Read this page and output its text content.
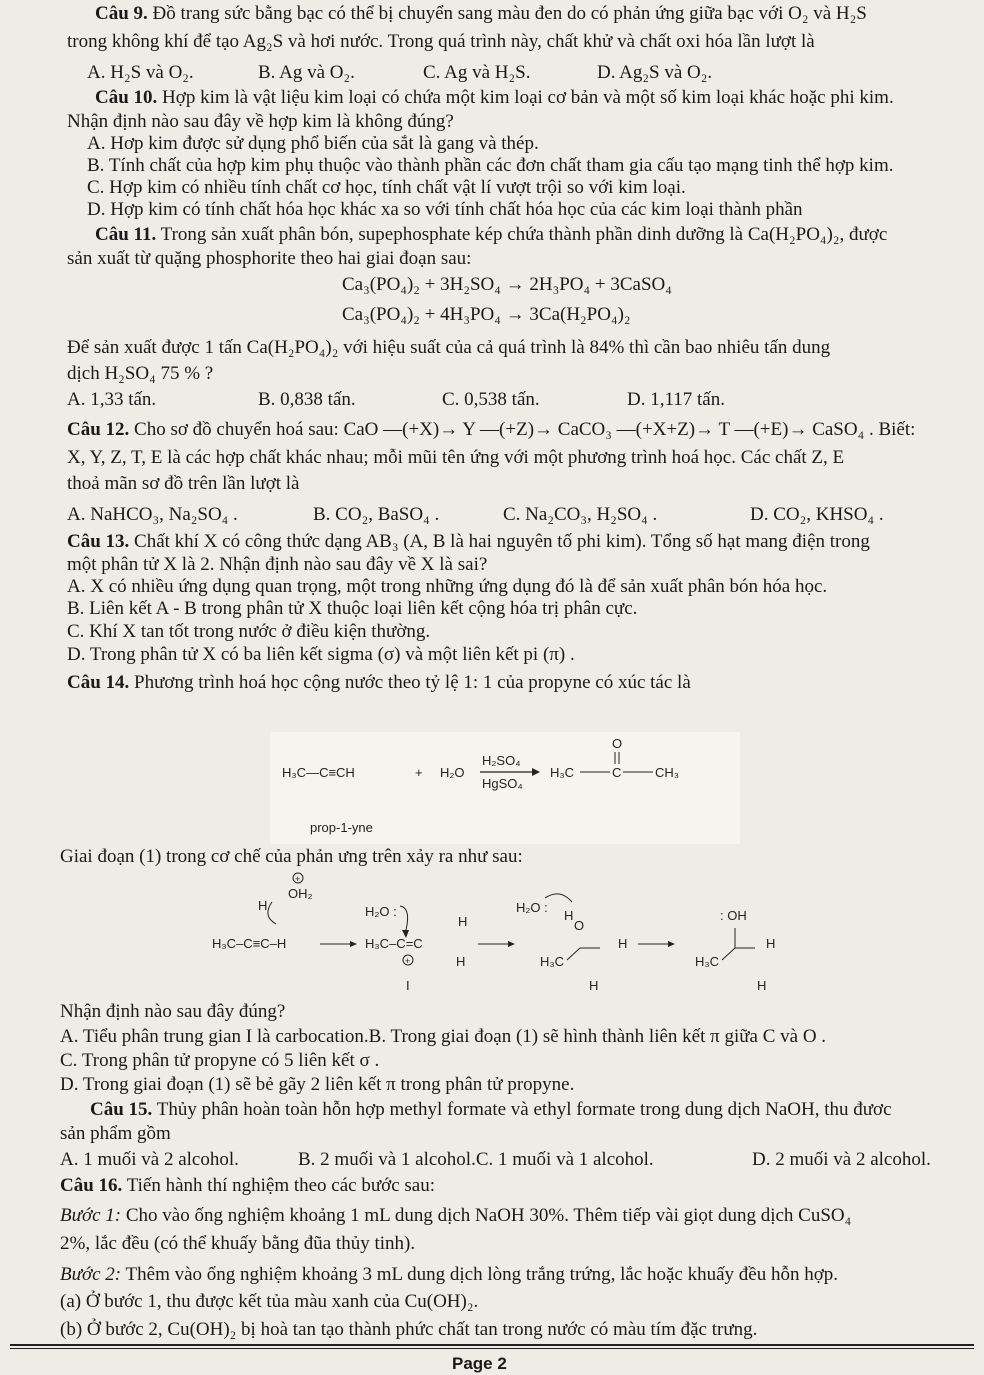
Câu 9. Đồ trang sức bằng bạc có thể bị chuyển sang màu đen do có phản ứng giữa bạc với O₂ và H₂S
trong không khí để tạo Ag₂S và hơi nước. Trong quá trình này, chất khử và chất oxi hóa lần lượt là
A. H₂S và O₂.	B. Ag và O₂.	C. Ag và H₂S.	D. Ag₂S và O₂.
Câu 10. Hợp kim là vật liệu kim loại có chứa một kim loại cơ bản và một số kim loại khác hoặc phi kim.
Nhận định nào sau đây về hợp kim là không đúng?
A. Hơp kim được sử dụng phổ biến của sắt là gang và thép.
B. Tính chất của hợp kim phụ thuộc vào thành phần các đơn chất tham gia cấu tạo mạng tinh thể hợp kim.
C. Hợp kim có nhiều tính chất cơ học, tính chất vật lí vượt trội so với kim loại.
D. Hợp kim có tính chất hóa học khác xa so với tính chất hóa học của các kim loại thành phần
Câu 11. Trong sản xuất phân bón, supephosphate kép chứa thành phần dinh dưỡng là Ca(H₂PO₄)₂, được
sản xuất từ quặng phosphorite theo hai giai đoạn sau:
Ca₃(PO₄)₂ + 3H₂SO₄ → 2H₃PO₄ + 3CaSO₄
Ca₃(PO₄)₂ + 4H₃PO₄ → 3Ca(H₂PO₄)₂
Để sản xuất được 1 tấn Ca(H₂PO₄)₂ với hiệu suất của cả quá trình là 84% thì cần bao nhiêu tấn dung
dịch H₂SO₄ 75 % ?
A. 1,33 tấn.	B. 0,838 tấn.	C. 0,538 tấn.	D. 1,117 tấn.
Câu 12. Cho sơ đồ chuyển hoá sau: CaO —(+X)→ Y —(+Z)→ CaCO₃ —(+X+Z)→ T —(+E)→ CaSO₄ . Biết:
X, Y, Z, T, E là các hợp chất khác nhau; mỗi mũi tên ứng với một phương trình hoá học. Các chất Z, E
thoả mãn sơ đồ trên lần lượt là
A. NaHCO₃, Na₂SO₄ .	B. CO₂, BaSO₄ .	C. Na₂CO₃, H₂SO₄ .	D. CO₂, KHSO₄ .
Câu 13. Chất khí X có công thức dạng AB₃ (A, B là hai nguyên tố phi kim). Tổng số hạt mang điện trong
một phân tử X là 2. Nhận định nào sau đây về X là sai?
A. X có nhiều ứng dụng quan trọng, một trong những ứng dụng đó là để sản xuất phân bón hóa học.
B. Liên kết A - B trong phân tử X thuộc loại liên kết cộng hóa trị phân cực.
C. Khí X tan tốt trong nước ở điều kiện thường.
D. Trong phân tử X có ba liên kết sigma (σ) và một liên kết pi (π) .
Câu 14. Phương trình hoá học cộng nước theo tỷ lệ 1: 1 của propyne có xúc tác là
H₃C—C≡CH	+ H₂O
H₂SO₄
HgSO₄
H₃C	C	CH₃
O
prop-1-yne
Giai đoạn (1) trong cơ chế của phản ưng trên xảy ra như sau:
H
+
OH₂
H₃C–C≡C–H
H₂O :
H₃C–C=C
H
H
+
I
H₂O :
H
O
H₃C
H
H
: OH
H₃C
H
H
Nhận định nào sau đây đúng?
A. Tiểu phân trung gian I là carbocation.B. Trong giai đoạn (1) sẽ hình thành liên kết π giữa C và O .
C. Trong phân tử propyne có 5 liên kết σ .
D. Trong giai đoạn (1) sẽ bẻ gãy 2 liên kết π trong phân tử propyne.
Câu 15. Thủy phân hoàn toàn hỗn hợp methyl formate và ethyl formate trong dung dịch NaOH, thu đươc
sản phẩm gồm
A. 1 muối và 2 alcohol.	B. 2 muối và 1 alcohol.C. 1 muối và 1 alcohol.	D. 2 muối và 2 alcohol.
Câu 16. Tiến hành thí nghiệm theo các bước sau:
Bước 1: Cho vào ống nghiệm khoảng 1 mL dung dịch NaOH 30%. Thêm tiếp vài giọt dung dịch CuSO₄
2%, lắc đều (có thể khuấy bằng đũa thủy tinh).
Bước 2: Thêm vào ống nghiệm khoảng 3 mL dung dịch lòng trắng trứng, lắc hoặc khuấy đều hỗn hợp.
(a) Ở bước 1, thu được kết tủa màu xanh của Cu(OH)₂.
(b) Ở bước 2, Cu(OH)₂ bị hoà tan tạo thành phức chất tan trong nước có màu tím đặc trưng.
Page 2
